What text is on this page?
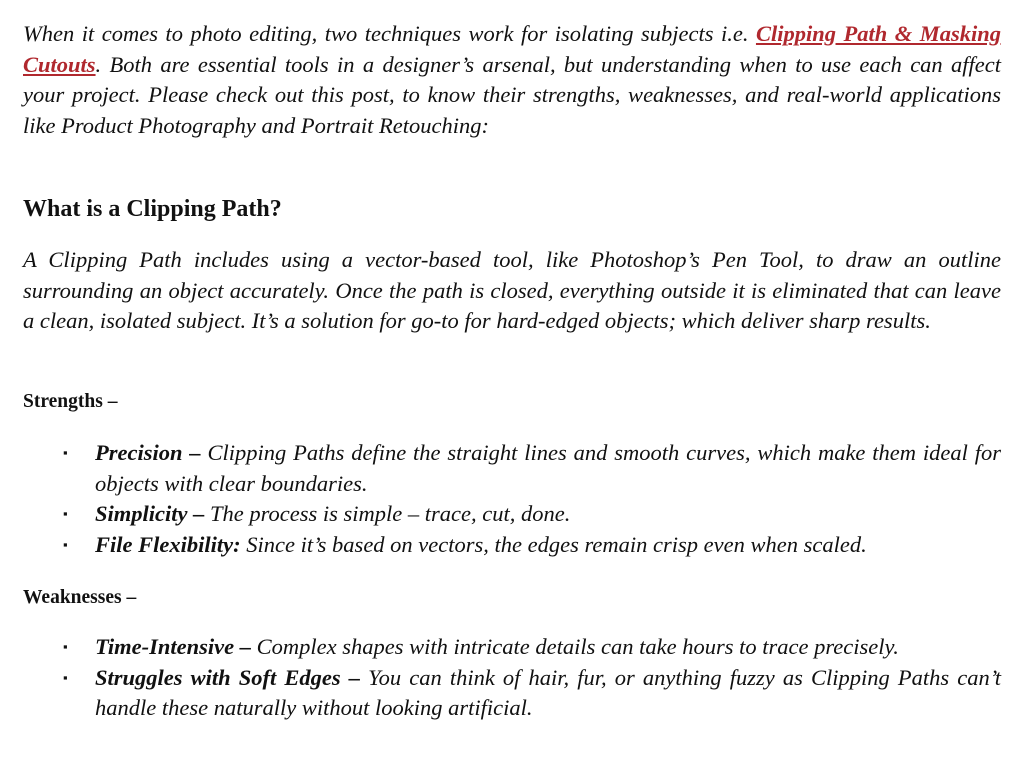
When it comes to photo editing, two techniques work for isolating subjects i.e. Clipping Path & Masking Cutouts. Both are essential tools in a designer’s arsenal, but understanding when to use each can affect your project. Please check out this post, to know their strengths, weaknesses, and real-world applications like Product Photography and Portrait Retouching:

What is a Clipping Path?

A Clipping Path includes using a vector-based tool, like Photoshop’s Pen Tool, to draw an outline surrounding an object accurately. Once the path is closed, everything outside it is eliminated that can leave a clean, isolated subject. It’s a solution for go-to for hard-edged objects; which deliver sharp results.

Strengths –
▪ Precision – Clipping Paths define the straight lines and smooth curves, which make them ideal for objects with clear boundaries.
▪ Simplicity – The process is simple – trace, cut, done.
▪ File Flexibility: Since it’s based on vectors, the edges remain crisp even when scaled.
Weaknesses –
▪ Time-Intensive – Complex shapes with intricate details can take hours to trace precisely.
▪ Struggles with Soft Edges – You can think of hair, fur, or anything fuzzy as Clipping Paths can’t handle these naturally without looking artificial.
